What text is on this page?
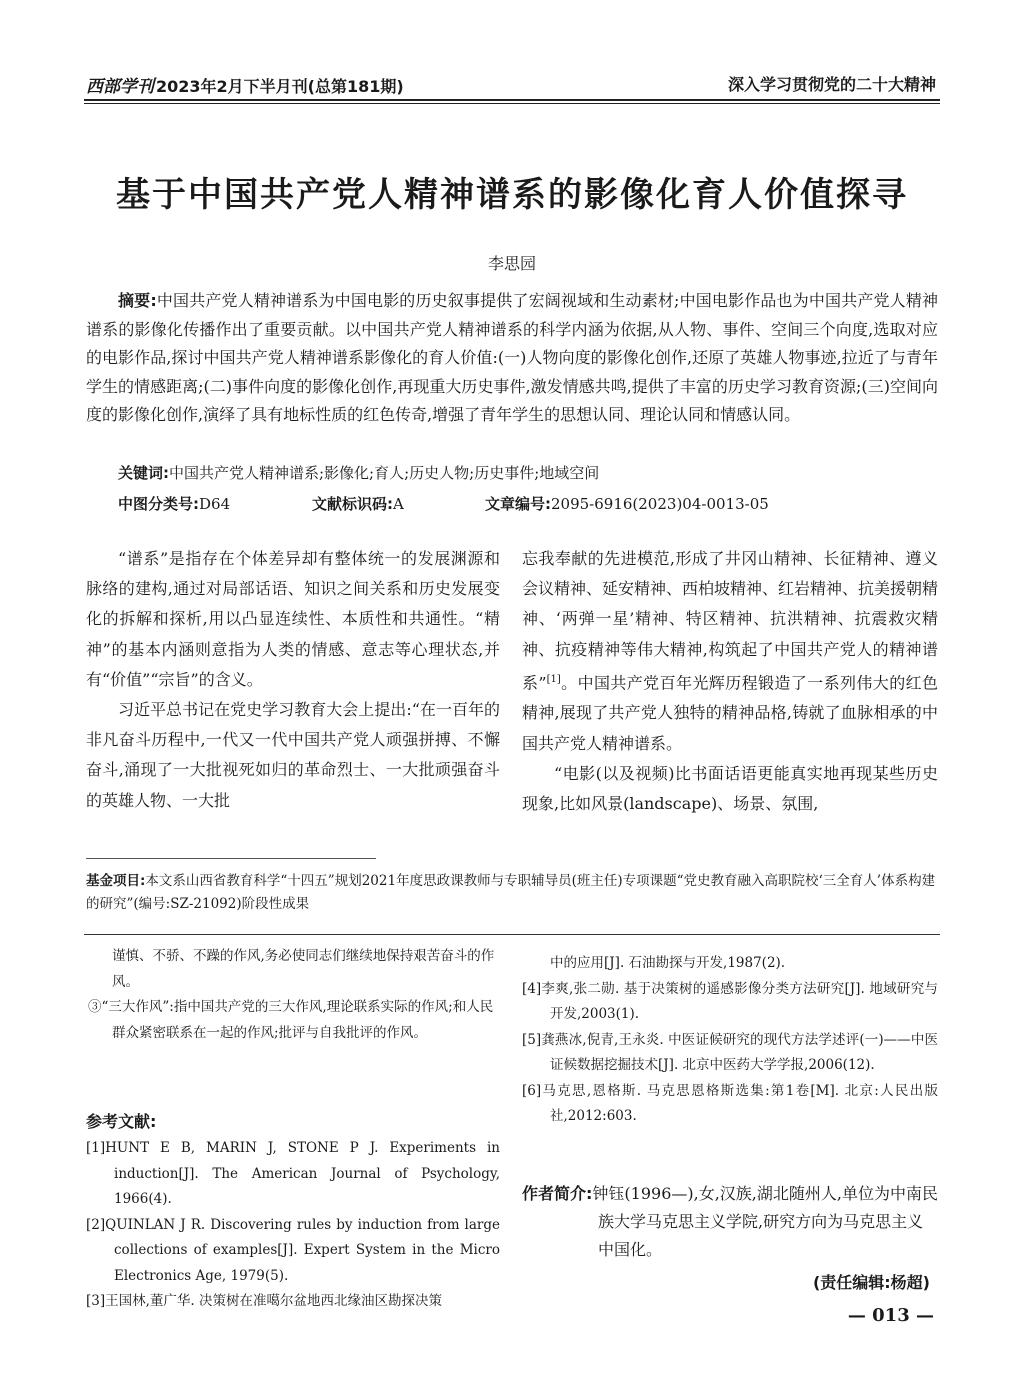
西部学刊 2023年2月下半月刊(总第181期)	深入学习贯彻党的二十大精神
基于中国共产党人精神谱系的影像化育人价值探寻
李思园

摘要:中国共产党人精神谱系为中国电影的历史叙事提供了宏阔视域和生动素材;中国电影作品也为中国共产党人精神谱系的影像化传播作出了重要贡献。以中国共产党人精神谱系的科学内涵为依据,从人物、事件、空间三个向度,选取对应的电影作品,探讨中国共产党人精神谱系影像化的育人价值:(一)人物向度的影像化创作,还原了英雄人物事迹,拉近了与青年学生的情感距离;(二)事件向度的影像化创作,再现重大历史事件,激发情感共鸣,提供了丰富的历史学习教育资源;(三)空间向度的影像化创作,演绎了具有地标性质的红色传奇,增强了青年学生的思想认同、理论认同和情感认同。

关键词:中国共产党人精神谱系;影像化;育人;历史人物;历史事件;地域空间
中图分类号:D64	文献标识码:A	文章编号:2095-6916(2023)04-0013-05

“谱系”是指存在个体差异却有整体统一的发展渊源和脉络的建构,通过对局部话语、知识之间关系和历史发展变化的拆解和探析,用以凸显连续性、本质性和共通性。“精神”的基本内涵则意指为人类的情感、意志等心理状态,并有“价值”“宗旨”的含义。

习近平总书记在党史学习教育大会上提出:“在一百年的非凡奋斗历程中,一代又一代中国共产党人顽强拼搏、不懈奋斗,涌现了一大批视死如归的革命烈士、一大批顽强奋斗的英雄人物、一大批

忘我奉献的先进模范,形成了井冈山精神、长征精神、遵义会议精神、延安精神、西柏坡精神、红岩精神、抗美援朝精神、‘两弹一星’精神、特区精神、抗洪精神、抗震救灾精神、抗疫精神等伟大精神,构筑起了中国共产党人的精神谱系”[1]。中国共产党百年光辉历程锻造了一系列伟大的红色精神,展现了共产党人独特的精神品格,铸就了血脉相承的中国共产党人精神谱系。

“电影(以及视频)比书面话语更能真实地再现某些历史现象,比如风景(landscape)、场景、氛围,

基金项目:本文系山西省教育科学“十四五”规划2021年度思政课教师与专职辅导员(班主任)专项课题“党史教育融入高职院校‘三全育人’体系构建的研究”(编号:SZ-21092)阶段性成果

谨慎、不骄、不躁的作风,务必使同志们继续地保持艰苦奋斗的作风。

③“三大作风”:指中国共产党的三大作风,理论联系实际的作风;和人民群众紧密联系在一起的作风;批评与自我批评的作风。

参考文献:

[1]HUNT E B, MARIN J, STONE P J. Experiments in induction[J]. The American Journal of Psychology, 1966(4).

[2]QUINLAN J R. Discovering rules by induction from large collections of examples[J]. Expert System in the Micro Electronics Age, 1979(5).

[3]王国林,董广华. 决策树在准噶尔盆地西北缘油区勘探决策

中的应用[J]. 石油勘探与开发,1987(2).

[4]李爽,张二勋. 基于决策树的遥感影像分类方法研究[J]. 地域研究与开发,2003(1).

[5]龚燕冰,倪青,王永炎. 中医证候研究的现代方法学述评(一)——中医证候数据挖掘技术[J]. 北京中医药大学学报,2006(12).

[6]马克思,恩格斯. 马克思恩格斯选集:第1卷[M]. 北京:人民出版社,2012:603.

作者简介:钟钰(1996—),女,汉族,湖北随州人,单位为中南民族大学马克思主义学院,研究方向为马克思主义中国化。
(责任编辑:杨超)
— 013 —
